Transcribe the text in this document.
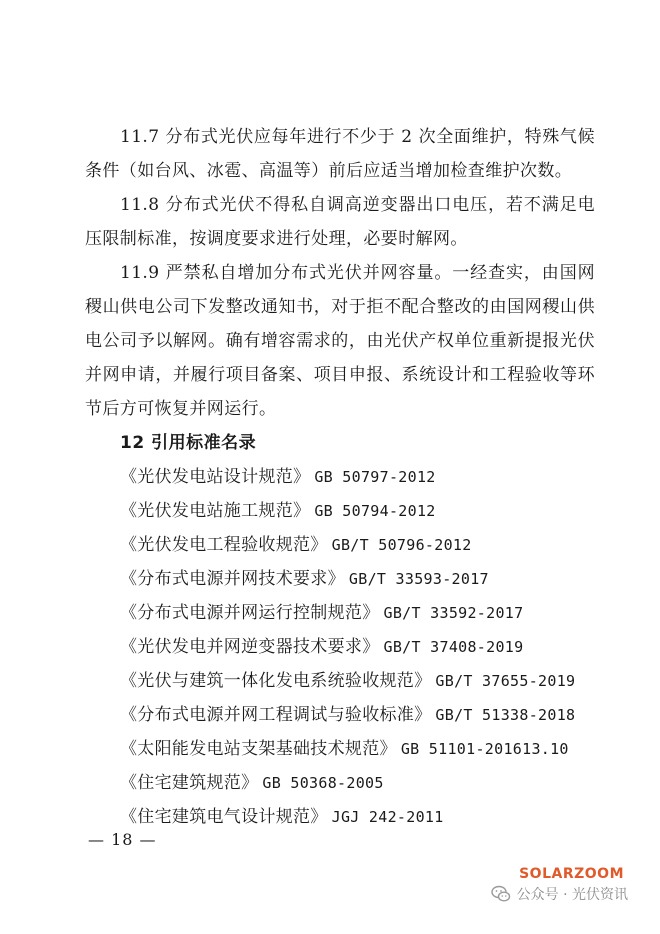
11.7 分布式光伏应每年进行不少于 2 次全面维护，特殊气候条件（如台风、冰雹、高温等）前后应适当增加检查维护次数。

11.8 分布式光伏不得私自调高逆变器出口电压，若不满足电压限制标准，按调度要求进行处理，必要时解网。

11.9 严禁私自增加分布式光伏并网容量。一经查实，由国网稷山供电公司下发整改通知书，对于拒不配合整改的由国网稷山供电公司予以解网。确有增容需求的，由光伏产权单位重新提报光伏并网申请，并履行项目备案、项目申报、系统设计和工程验收等环节后方可恢复并网运行。

12 引用标准名录
《光伏发电站设计规范》 GB 50797-2012
《光伏发电站施工规范》 GB 50794-2012
《光伏发电工程验收规范》 GB/T 50796-2012
《分布式电源并网技术要求》 GB/T 33593-2017
《分布式电源并网运行控制规范》 GB/T 33592-2017
《光伏发电并网逆变器技术要求》 GB/T 37408-2019
《光伏与建筑一体化发电系统验收规范》 GB/T 37655-2019
《分布式电源并网工程调试与验收标准》 GB/T 51338-2018
《太阳能发电站支架基础技术规范》 GB 51101-201613.10
《住宅建筑规范》 GB 50368-2005
《住宅建筑电气设计规范》 JGJ 242-2011
— 18 —
SOLARZOOM
公众号 · 光伏资讯
